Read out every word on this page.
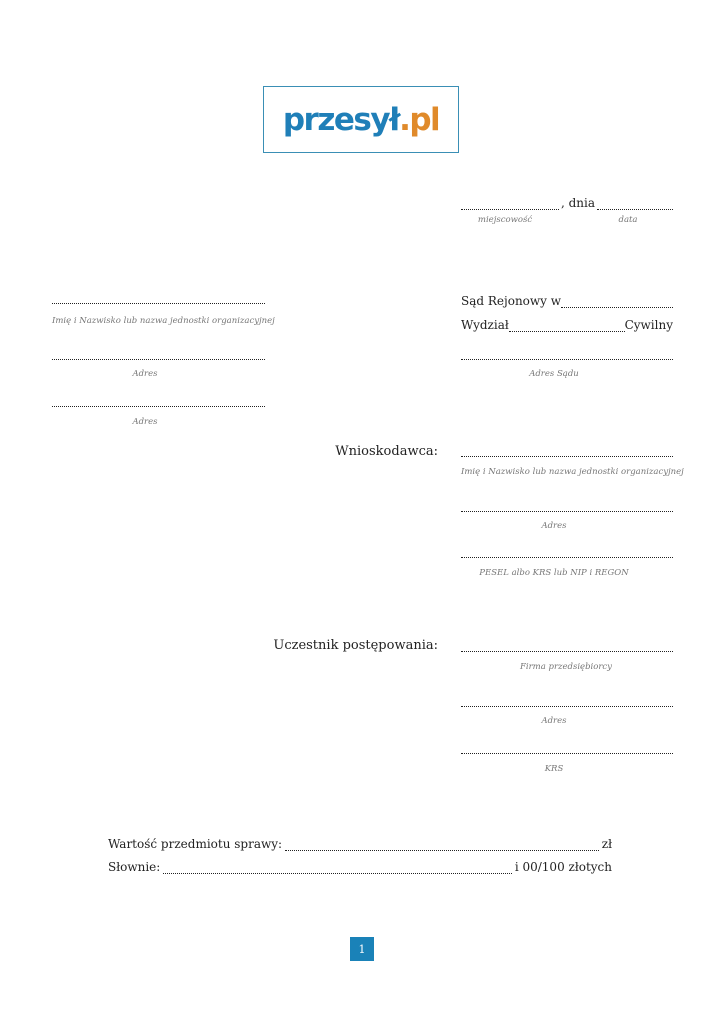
przesył.pl
, dnia
miejscowość	data
Imię i Nazwisko lub nazwa jednostki organizacyjnej
Adres
Adres
Sąd Rejonowy w
Wydział	Cywilny
Adres Sądu
Wnioskodawca:
Imię i Nazwisko lub nazwa jednostki organizacyjnej
Adres
PESEL albo KRS lub NIP i REGON
Uczestnik postępowania:
Firma przedsiębiorcy
Adres
KRS
Wartość przedmiotu sprawy:	zł
Słownie:	i 00/100 złotych
1
